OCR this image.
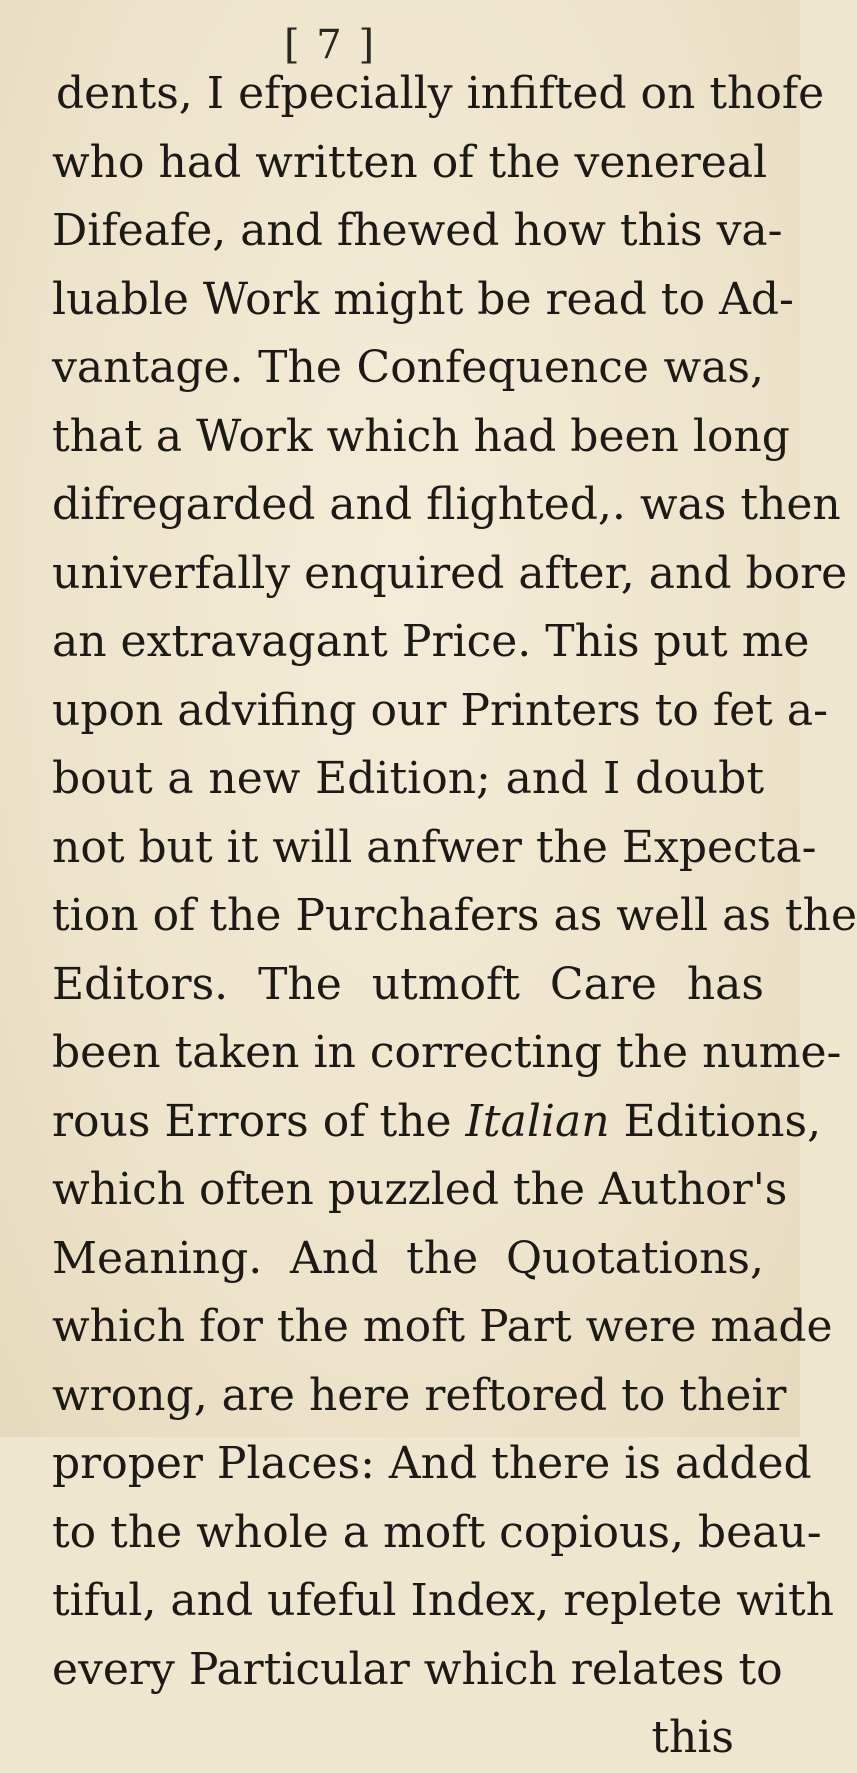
[ 7 ]
dents, I efpecially infifted on thofe
who had written of the venereal
Difeafe, and fhewed how this va-
luable Work might be read to Ad-
vantage. The Confequence was,
that a Work which had been long
difregarded and flighted,. was then
univerfally enquired after, and bore
an extravagant Price. This put me
upon advifing our Printers to fet a-
bout a new Edition; and I doubt
not but it will anfwer the Expecta-
tion of the Purchafers as well as the
Editors. The utmoft Care has
been taken in correcting the nume-
rous Errors of the Italian Editions,
which often puzzled the Author's
Meaning. And the Quotations,
which for the moft Part were made
wrong, are here reftored to their
proper Places: And there is added
to the whole a moft copious, beau-
tiful, and ufeful Index, replete with
every Particular which relates to
this
